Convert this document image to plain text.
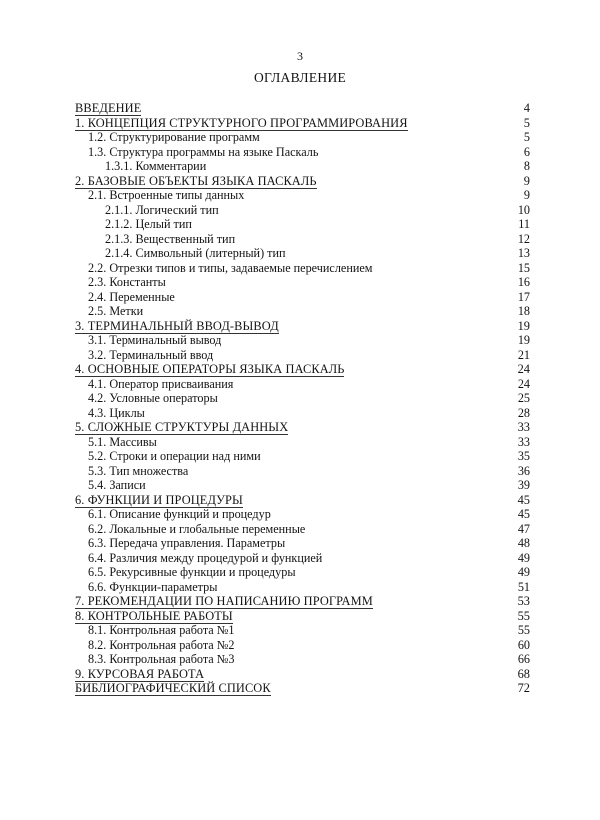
3
ОГЛАВЛЕНИЕ
ВВЕДЕНИЕ	4
1. КОНЦЕПЦИЯ СТРУКТУРНОГО ПРОГРАММИРОВАНИЯ	5
1.2. Структурирование программ	5
1.3. Структура программы на языке Паскаль	6
1.3.1. Комментарии	8
2. БАЗОВЫЕ ОБЪЕКТЫ ЯЗЫКА ПАСКАЛЬ	9
2.1. Встроенные типы данных	9
2.1.1. Логический тип	10
2.1.2. Целый тип	11
2.1.3. Вещественный тип	12
2.1.4. Символьный (литерный) тип	13
2.2. Отрезки типов и типы, задаваемые перечислением	15
2.3. Константы	16
2.4. Переменные	17
2.5. Метки	18
3. ТЕРМИНАЛЬНЫЙ ВВОД-ВЫВОД	19
3.1. Терминальный вывод	19
3.2. Терминальный ввод	21
4. ОСНОВНЫЕ ОПЕРАТОРЫ ЯЗЫКА ПАСКАЛЬ	24
4.1. Оператор присваивания	24
4.2. Условные операторы	25
4.3. Циклы	28
5. СЛОЖНЫЕ СТРУКТУРЫ ДАННЫХ	33
5.1. Массивы	33
5.2. Строки и операции над ними	35
5.3. Тип множества	36
5.4. Записи	39
6. ФУНКЦИИ И ПРОЦЕДУРЫ	45
6.1. Описание функций и процедур	45
6.2. Локальные и глобальные переменные	47
6.3. Передача управления. Параметры	48
6.4. Различия между процедурой и функцией	49
6.5. Рекурсивные функции и процедуры	49
6.6. Функции-параметры	51
7. РЕКОМЕНДАЦИИ ПО НАПИСАНИЮ ПРОГРАММ	53
8. КОНТРОЛЬНЫЕ РАБОТЫ	55
8.1. Контрольная работа №1	55
8.2. Контрольная работа №2	60
8.3. Контрольная работа №3	66
9. КУРСОВАЯ РАБОТА	68
БИБЛИОГРАФИЧЕСКИЙ СПИСОК	72
